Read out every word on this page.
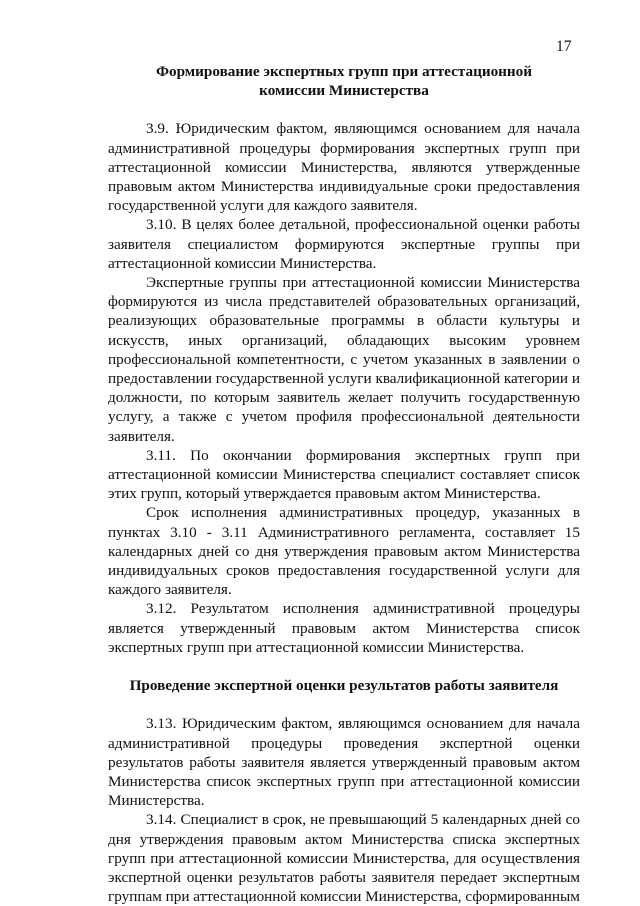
17
Формирование экспертных групп при аттестационной
комиссии Министерства

3.9. Юридическим фактом, являющимся основанием для начала административной процедуры формирования экспертных групп при аттестационной комиссии Министерства, являются утвержденные правовым актом Министерства индивидуальные сроки предоставления государственной услуги для каждого заявителя.

3.10. В целях более детальной, профессиональной оценки работы заявителя специалистом формируются экспертные группы при аттестационной комиссии Министерства.

Экспертные группы при аттестационной комиссии Министерства формируются из числа представителей образовательных организаций, реализующих образовательные программы в области культуры и искусств, иных организаций, обладающих высоким уровнем профессиональной компетентности, с учетом указанных в заявлении о предоставлении государственной услуги квалификационной категории и должности, по которым заявитель желает получить государственную услугу, а также с учетом профиля профессиональной деятельности заявителя.

3.11. По окончании формирования экспертных групп при аттестационной комиссии Министерства специалист составляет список этих групп, который утверждается правовым актом Министерства.

Срок исполнения административных процедур, указанных в пунктах 3.10 - 3.11 Административного регламента, составляет 15 календарных дней со дня утверждения правовым актом Министерства индивидуальных сроков предоставления государственной услуги для каждого заявителя.

3.12. Результатом исполнения административной процедуры является утвержденный правовым актом Министерства список экспертных групп при аттестационной комиссии Министерства.

Проведение экспертной оценки результатов работы заявителя

3.13. Юридическим фактом, являющимся основанием для начала административной процедуры проведения экспертной оценки результатов работы заявителя является утвержденный правовым актом Министерства список экспертных групп при аттестационной комиссии Министерства.

3.14. Специалист в срок, не превышающий 5 календарных дней со дня утверждения правовым актом Министерства списка экспертных групп при аттестационной комиссии Министерства, для осуществления экспертной оценки результатов работы заявителя передает экспертным группам при аттестационной комиссии Министерства, сформированным
